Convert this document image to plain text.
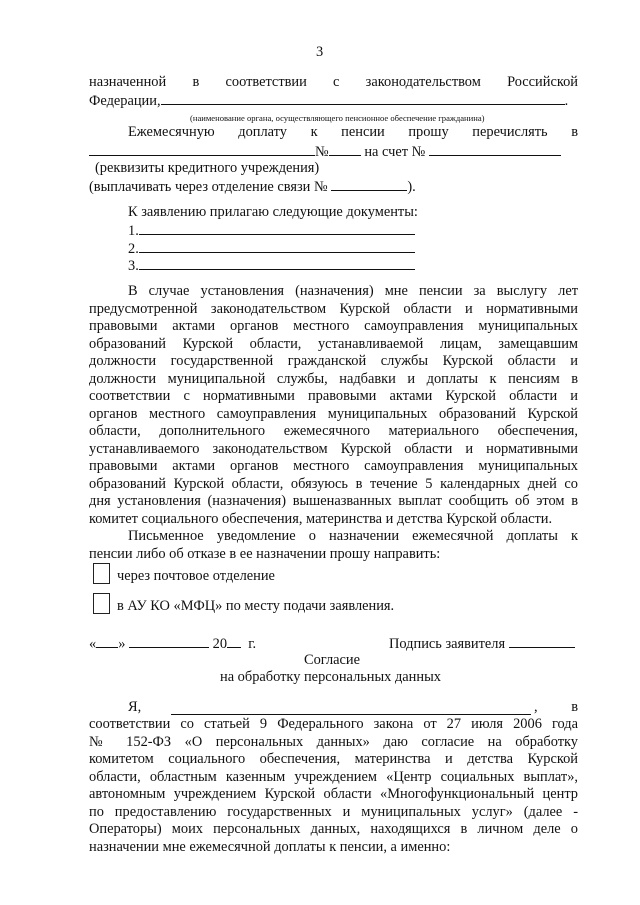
3
назначенной в соответствии с законодательством Российской
Федерации,	.
(наименование органа, осуществляющего пенсионное обеспечение гражданина)
Ежемесячную доплату к пенсии прошу перечислять в
№ на счет №
(реквизиты кредитного учреждения)
(выплачивать через отделение связи №	).
К заявлению прилагаю следующие документы:
1.
2.
3.
В случае установления (назначения) мне пенсии за выслугу лет
предусмотренной законодательством Курской области и нормативными
правовыми актами органов местного самоуправления муниципальных
образований Курской области, устанавливаемой лицам, замещавшим
должности государственной гражданской службы Курской области и
должности муниципальной службы, надбавки и доплаты к пенсиям в
соответствии с нормативными правовыми актами Курской области и
органов местного самоуправления муниципальных образований Курской
области, дополнительного ежемесячного материального обеспечения,
устанавливаемого законодательством Курской области и нормативными
правовыми актами органов местного самоуправления муниципальных
образований Курской области, обязуюсь в течение 5 календарных дней со
дня установления (назначения) вышеназванных выплат сообщить об этом в
комитет социального обеспечения, материнства и детства Курской области.
Письменное уведомление о назначении ежемесячной доплаты к
пенсии либо об отказе в ее назначении прошу направить:
через почтовое отделение
в АУ КО «МФЦ» по месту подачи заявления.
« »	20 г.	Подпись заявителя
Согласие
на обработку персональных данных
Я,	, в
соответствии со статьей 9 Федерального закона от 27 июля 2006 года
№ 152-ФЗ «О персональных данных» даю согласие на обработку
комитетом социального обеспечения, материнства и детства Курской
области, областным казенным учреждением «Центр социальных выплат»,
автономным учреждением Курской области «Многофункциональный центр
по предоставлению государственных и муниципальных услуг» (далее -
Операторы) моих персональных данных, находящихся в личном деле о
назначении мне ежемесячной доплаты к пенсии, а именно:
